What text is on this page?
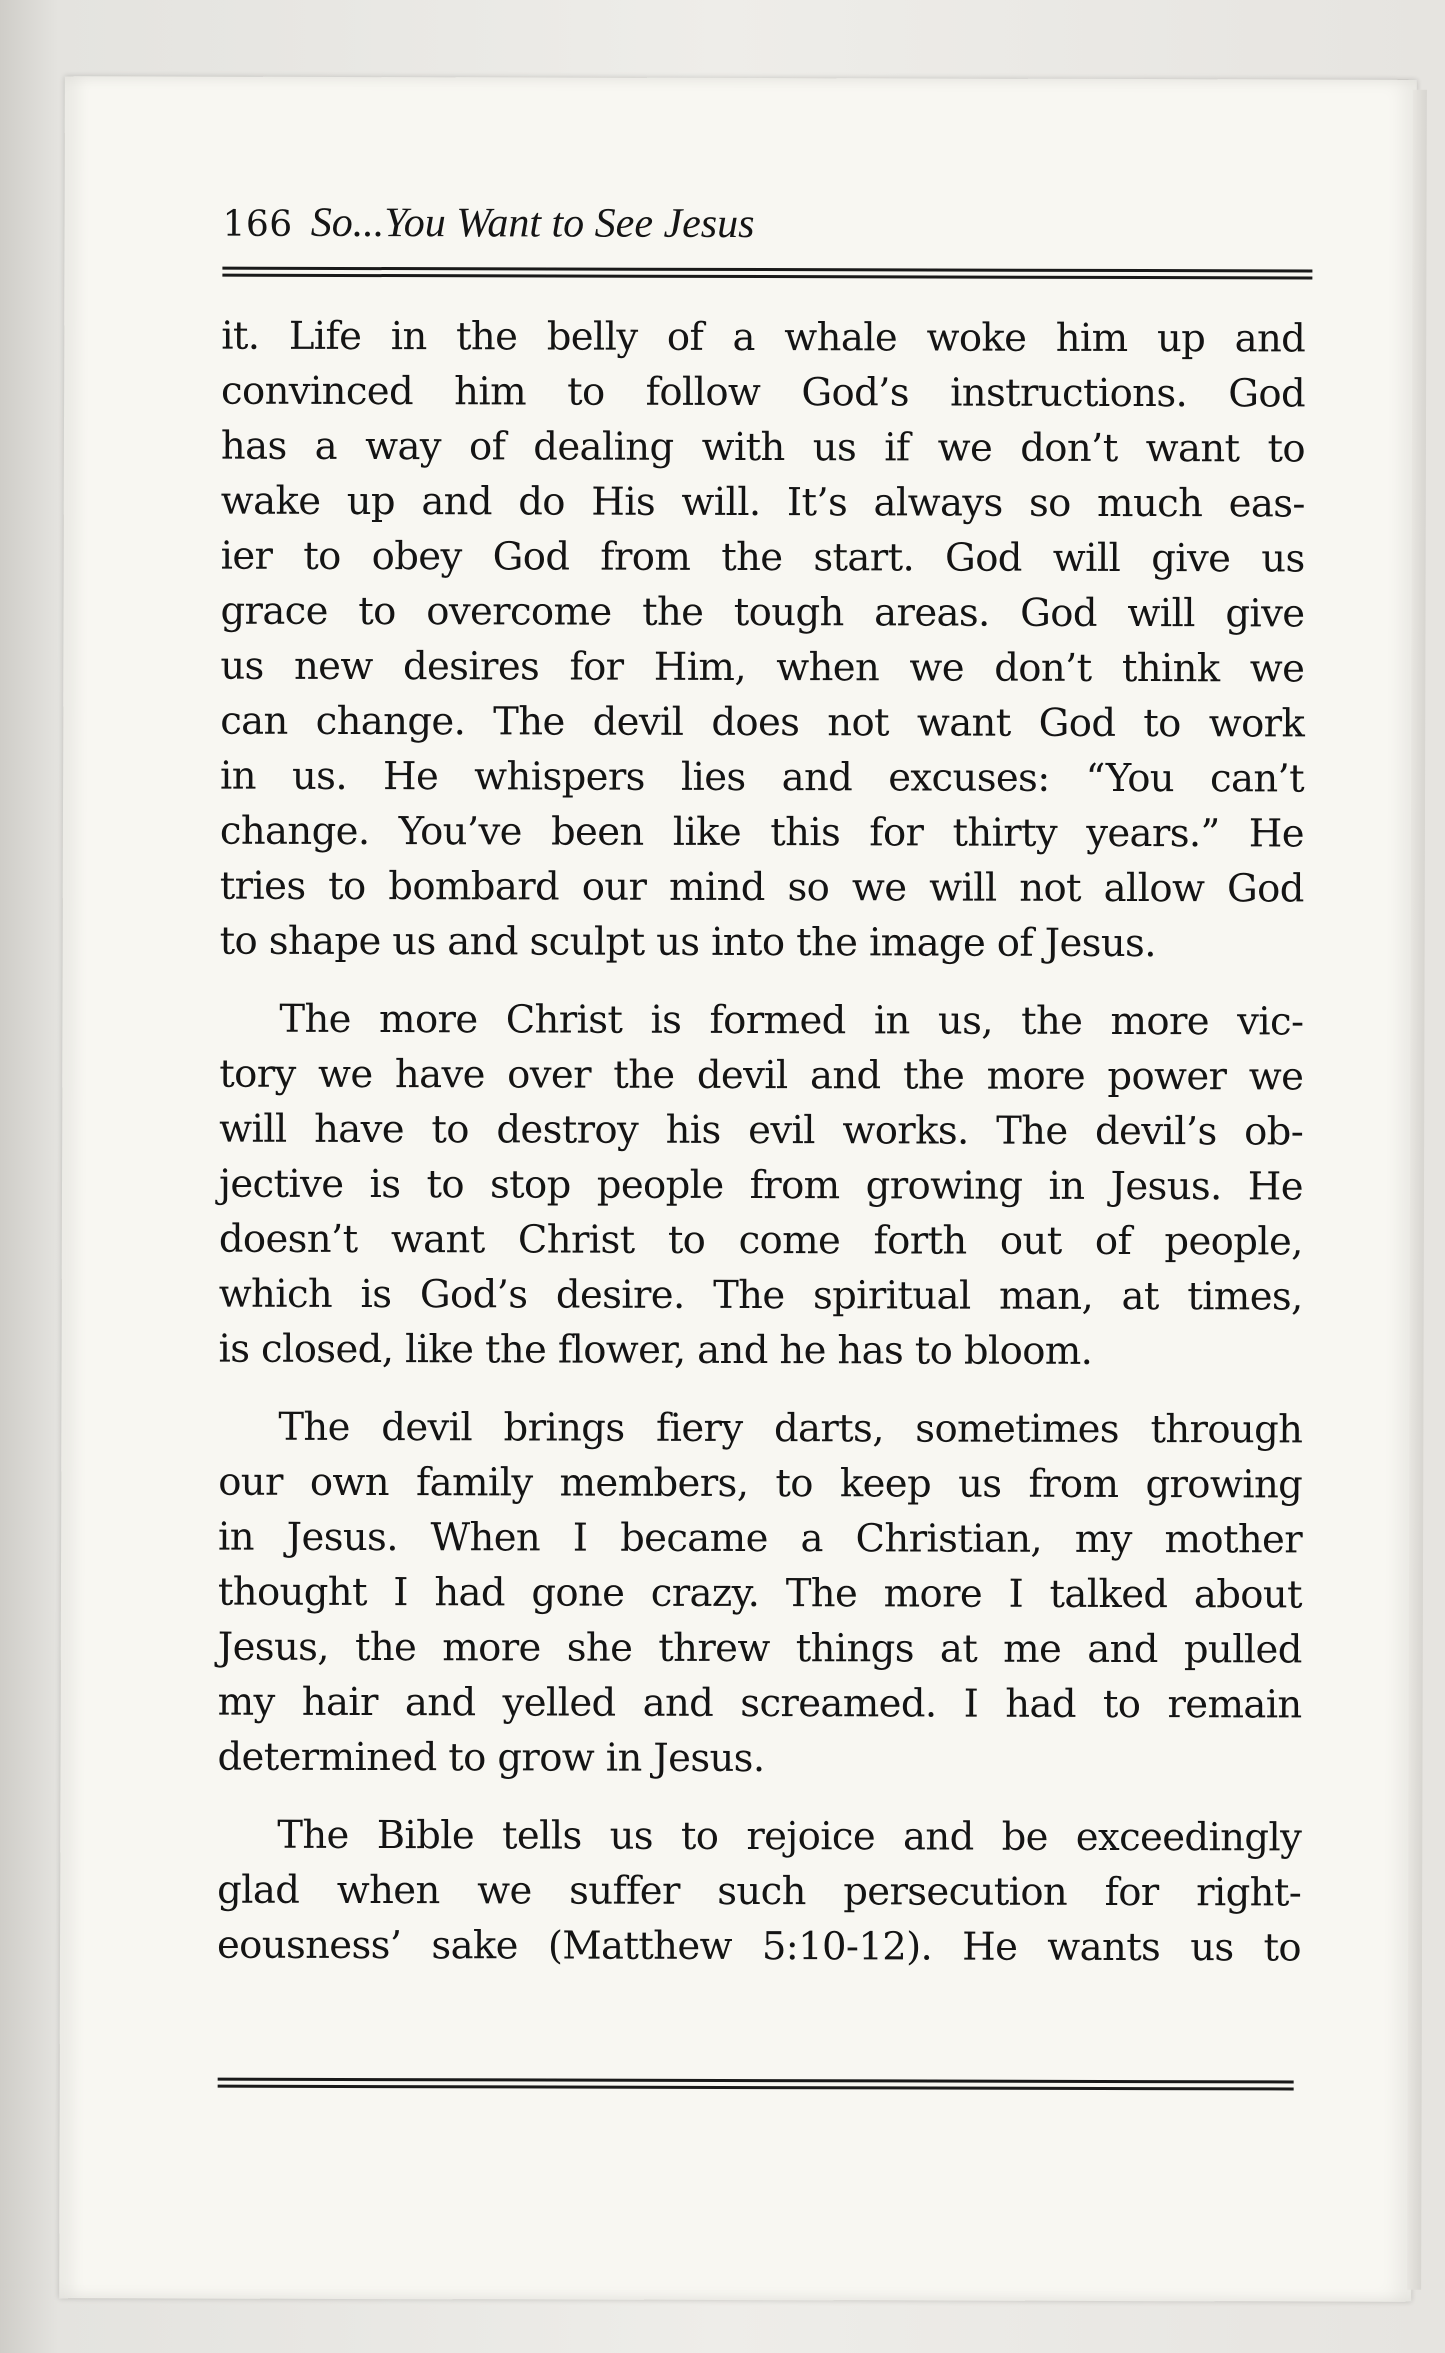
166 So...You Want to See Jesus

it. Life in the belly of a whale woke him up and
convinced him to follow God’s instructions. God
has a way of dealing with us if we don’t want to
wake up and do His will. It’s always so much eas-
ier to obey God from the start. God will give us
grace to overcome the tough areas. God will give
us new desires for Him, when we don’t think we
can change. The devil does not want God to work
in us. He whispers lies and excuses: “You can’t
change. You’ve been like this for thirty years.” He
tries to bombard our mind so we will not allow God
to shape us and sculpt us into the image of Jesus.

The more Christ is formed in us, the more vic-
tory we have over the devil and the more power we
will have to destroy his evil works. The devil’s ob-
jective is to stop people from growing in Jesus. He
doesn’t want Christ to come forth out of people,
which is God’s desire. The spiritual man, at times,
is closed, like the flower, and he has to bloom.

The devil brings fiery darts, sometimes through
our own family members, to keep us from growing
in Jesus. When I became a Christian, my mother
thought I had gone crazy. The more I talked about
Jesus, the more she threw things at me and pulled
my hair and yelled and screamed. I had to remain
determined to grow in Jesus.

The Bible tells us to rejoice and be exceedingly
glad when we suffer such persecution for right-
eousness’ sake (Matthew 5:10-12). He wants us to
